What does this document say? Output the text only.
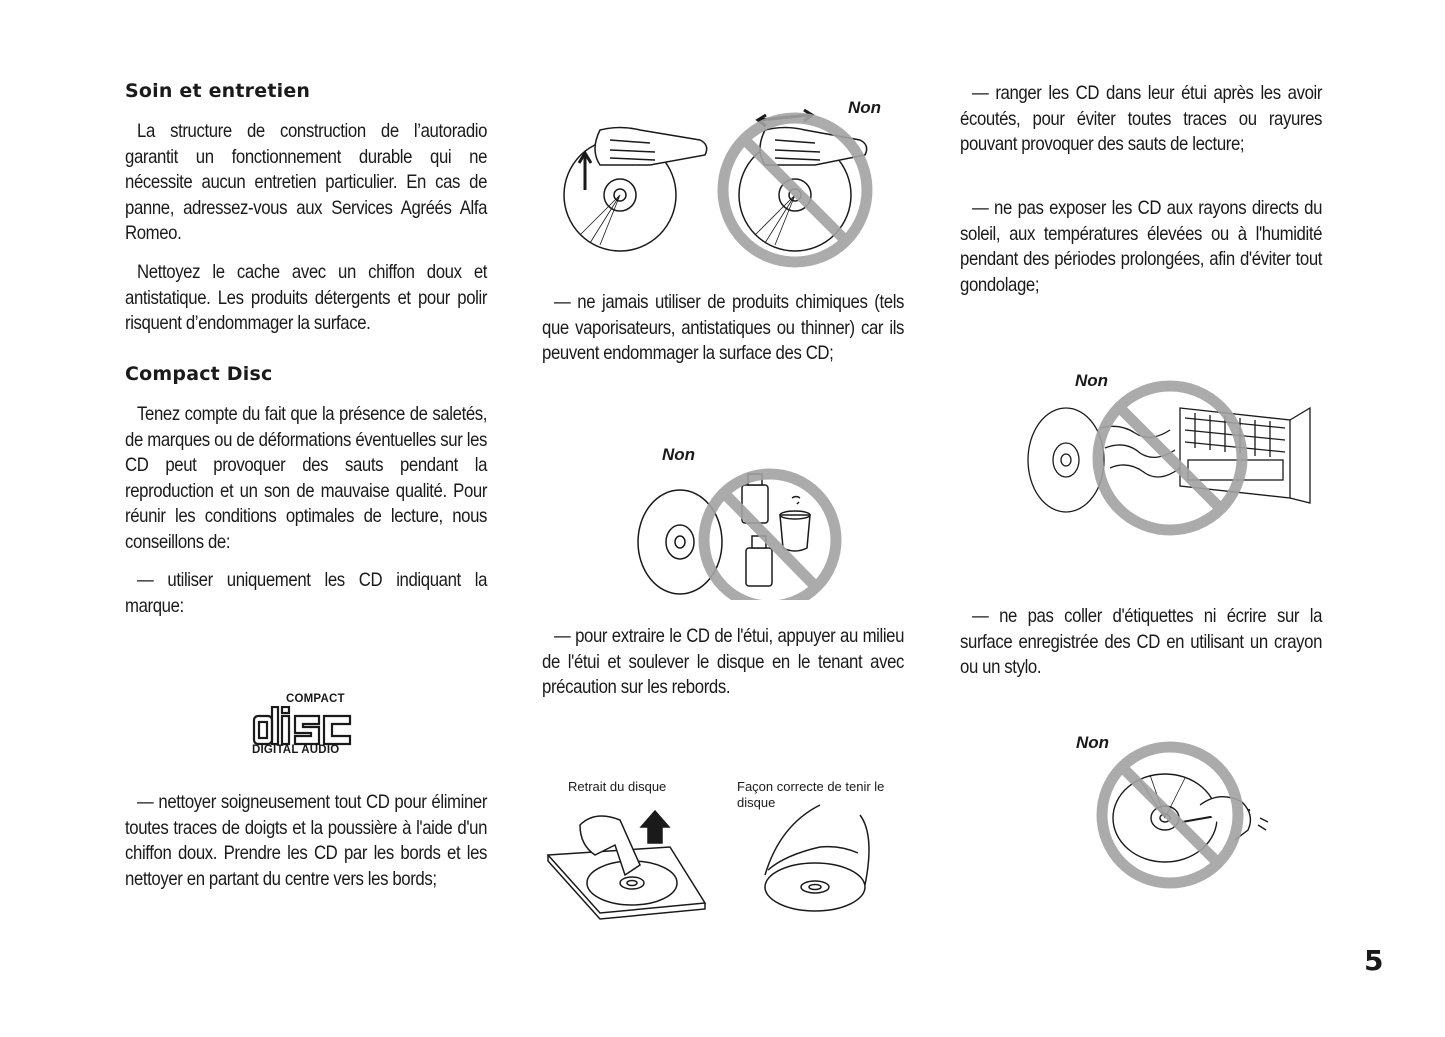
Soin et entretien

La structure de construction de l’autoradio garantit un fonctionnement durable qui ne nécessite aucun entretien particulier. En cas de panne, adressez-vous aux Services Agréés Alfa Romeo.

Nettoyez le cache avec un chiffon doux et antistatique. Les produits détergents et pour polir risquent d’endommager la surface.

Compact Disc

Tenez compte du fait que la présence de saletés, de marques ou de déformations éventuelles sur les CD peut provoquer des sauts pendant la reproduction et un son de mauvaise qualité. Pour réunir les conditions optimales de lecture, nous conseillons de:

— utiliser uniquement les CD indiquant la marque:

COMPACT
DIGITAL AUDIO

— nettoyer soigneusement tout CD pour éliminer toutes traces de doigts et la poussière à l'aide d'un chiffon doux. Prendre les CD par les bords et les nettoyer en partant du centre vers les bords;

Non

— ne jamais utiliser de produits chimiques (tels que vaporisateurs, antistatiques ou thinner) car ils peuvent endommager la surface des CD;

Non

— pour extraire le CD de l'étui, appuyer au milieu de l'étui et soulever le disque en le tenant avec précaution sur les rebords.

Retrait du disque	Façon correcte de tenir le disque

— ranger les CD dans leur étui après les avoir écoutés, pour éviter toutes traces ou rayures pouvant provoquer des sauts de lecture;

— ne pas exposer les CD aux rayons directs du soleil, aux températures élevées ou à l'humidité pendant des périodes prolongées, afin d'éviter tout gondolage;

Non

— ne pas coller d'étiquettes ni écrire sur la surface enregistrée des CD en utilisant un crayon ou un stylo.

Non
5
